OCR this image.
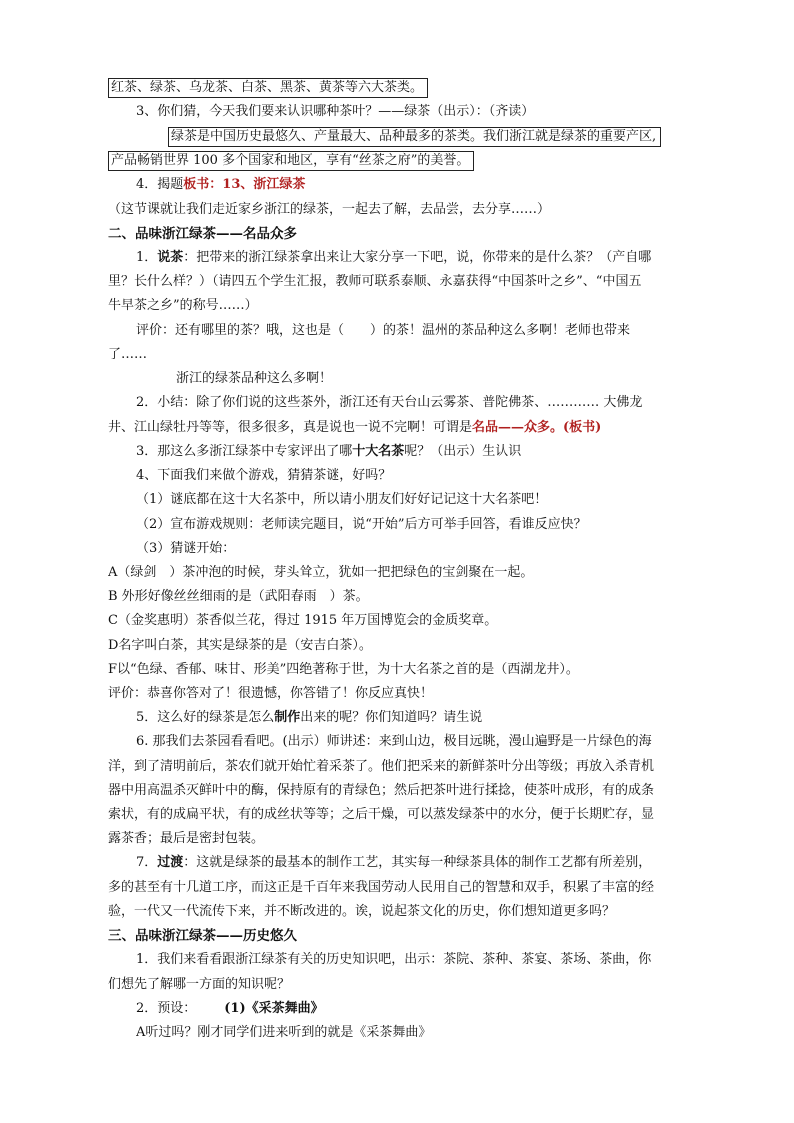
红茶、绿茶、乌龙茶、白茶、黑茶、黄茶等六大茶类。
3、你们猜，今天我们要来认识哪种茶叶？——绿茶（出示）：（齐读）
绿茶是中国历史最悠久、产量最大、品种最多的茶类。我们浙江就是绿茶的重要产区,
产品畅销世界 100 多个国家和地区，享有“丝茶之府”的美誉。
4．揭题板书：13、浙江绿茶
（这节课就让我们走近家乡浙江的绿茶，一起去了解，去品尝，去分享……）
二、品味浙江绿茶——名品众多
1．说茶：把带来的浙江绿茶拿出来让大家分享一下吧，说，你带来的是什么茶？（产自哪
里？长什么样？）（请四五个学生汇报，教师可联系泰顺、永嘉获得“中国茶叶之乡”、“中国五
牛早茶之乡”的称号……）
评价：还有哪里的茶？哦，这也是（　　）的茶！温州的茶品种这么多啊！老师也带来
了……
浙江的绿茶品种这么多啊！
2．小结：除了你们说的这些茶外，浙江还有天台山云雾茶、普陀佛茶、………… 大佛龙
井、江山绿牡丹等等，很多很多，真是说也一说不完啊！可谓是名品——众多。(板书)
3．那这么多浙江绿茶中专家评出了哪十大名茶呢？（出示）生认识
4、下面我们来做个游戏，猜猜茶谜，好吗？
（1）谜底都在这十大名茶中，所以请小朋友们好好记记这十大名茶吧！
（2）宣布游戏规则：老师读完题目，说“开始”后方可举手回答，看谁反应快？
（3）猜谜开始：
A（绿剑　）茶冲泡的时候，芽头耸立，犹如一把把绿色的宝剑聚在一起。
B 外形好像丝丝细雨的是（武阳春雨　）茶。
C（金奖惠明）茶香似兰花，得过 1915 年万国博览会的金质奖章。
D名字叫白茶，其实是绿茶的是（安吉白茶）。
F以“色绿、香郁、味甘、形美”四绝著称于世，为十大名茶之首的是（西湖龙井）。
评价：恭喜你答对了！很遗憾，你答错了！你反应真快！
5．这么好的绿茶是怎么制作出来的呢？你们知道吗？请生说
6. 那我们去茶园看看吧。(出示）师讲述：来到山边，极目远眺，漫山遍野是一片绿色的海
洋，到了清明前后，茶农们就开始忙着采茶了。他们把采来的新鲜茶叶分出等级；再放入杀青机
器中用高温杀灭鲜叶中的酶，保持原有的青绿色；然后把茶叶进行揉捻，使茶叶成形，有的成条
索状，有的成扁平状，有的成丝状等等；之后干燥，可以蒸发绿茶中的水分，便于长期贮存，显
露茶香；最后是密封包装。
7．过渡：这就是绿茶的最基本的制作工艺，其实每一种绿茶具体的制作工艺都有所差别，
多的甚至有十几道工序，而这正是千百年来我国劳动人民用自己的智慧和双手，积累了丰富的经
验，一代又一代流传下来，并不断改进的。诶，说起茶文化的历史，你们想知道更多吗？
三、品味浙江绿茶——历史悠久
1．我们来看看跟浙江绿茶有关的历史知识吧，出示：茶院、茶种、茶宴、茶场、茶曲，你
们想先了解哪一方面的知识呢？
2．预设： (1)《采茶舞曲》
A听过吗？刚才同学们进来听到的就是《采茶舞曲》
